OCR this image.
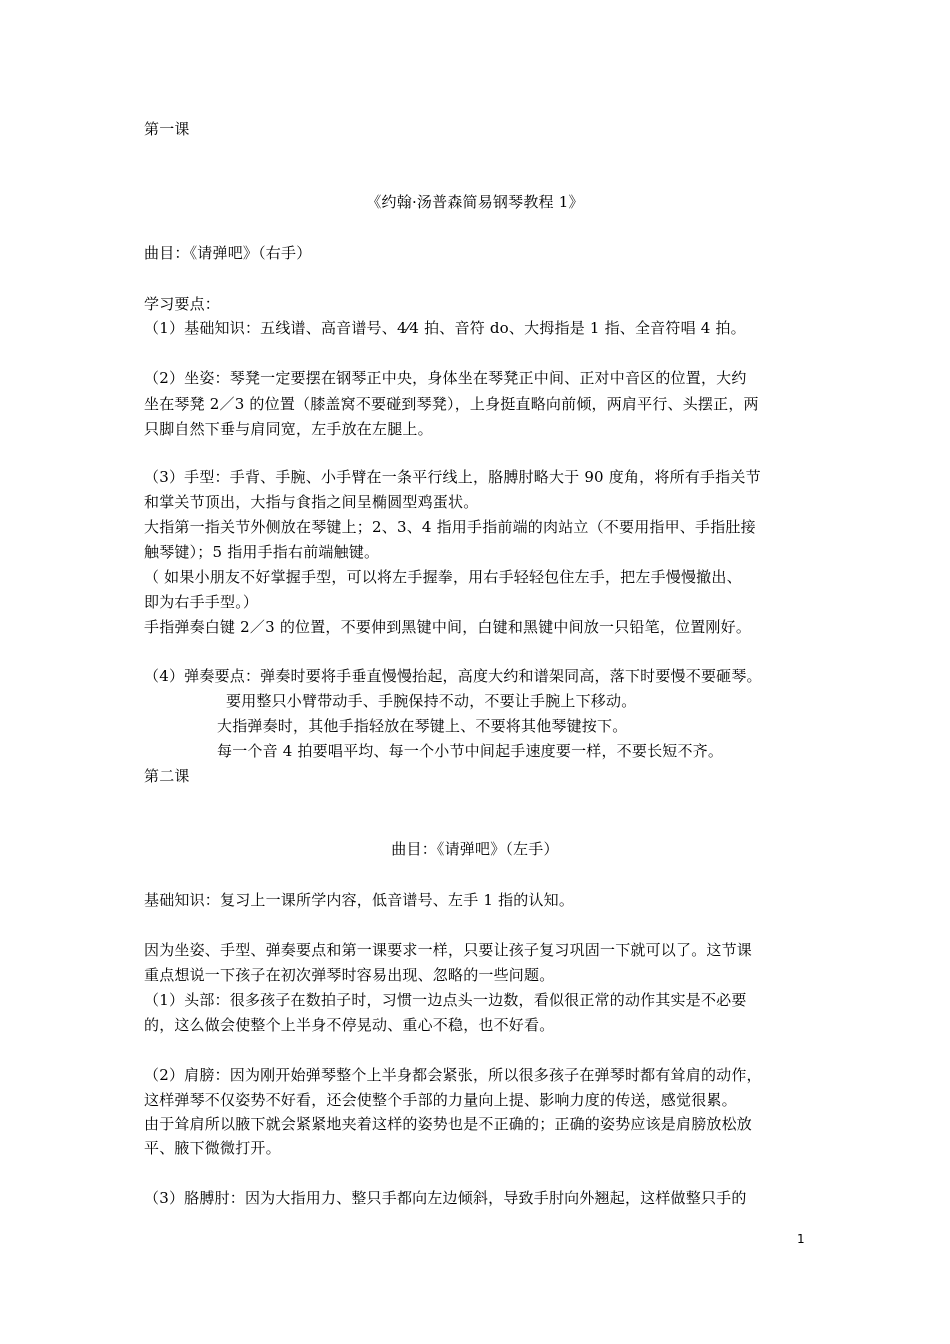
第一课
《约翰·汤普森简易钢琴教程 1》
曲目：《请弹吧》（右手）
学习要点：
（1）基础知识：五线谱、高音谱号、4⁄4 拍、音符 do、大拇指是 1 指、全音符唱 4 拍。
（2）坐姿：琴凳一定要摆在钢琴正中央，身体坐在琴凳正中间、正对中音区的位置，大约
坐在琴凳 2／3 的位置（膝盖窝不要碰到琴凳），上身挺直略向前倾，两肩平行、头摆正，两
只脚自然下垂与肩同宽，左手放在左腿上。
（3）手型：手背、手腕、小手臂在一条平行线上，胳膊肘略大于 90 度角，将所有手指关节
和掌关节顶出，大指与食指之间呈椭圆型鸡蛋状。
大指第一指关节外侧放在琴键上；2、3、4 指用手指前端的肉站立（不要用指甲、手指肚接
触琴键）；5 指用手指右前端触键。
（ 如果小朋友不好掌握手型，可以将左手握拳，用右手轻轻包住左手，把左手慢慢撤出、
即为右手手型。）
手指弹奏白键 2／3 的位置，不要伸到黑键中间，白键和黑键中间放一只铅笔，位置刚好。
（4）弹奏要点：弹奏时要将手垂直慢慢抬起，高度大约和谱架同高，落下时要慢不要砸琴。
要用整只小臂带动手、手腕保持不动，不要让手腕上下移动。
大指弹奏时，其他手指轻放在琴键上、不要将其他琴键按下。
每一个音 4 拍要唱平均、每一个小节中间起手速度要一样，不要长短不齐。
第二课
曲目：《请弹吧》（左手）
基础知识：复习上一课所学内容，低音谱号、左手 1 指的认知。
因为坐姿、手型、弹奏要点和第一课要求一样，只要让孩子复习巩固一下就可以了。这节课
重点想说一下孩子在初次弹琴时容易出现、忽略的一些问题。
（1）头部：很多孩子在数拍子时，习惯一边点头一边数，看似很正常的动作其实是不必要
的，这么做会使整个上半身不停晃动、重心不稳，也不好看。
（2）肩膀：因为刚开始弹琴整个上半身都会紧张，所以很多孩子在弹琴时都有耸肩的动作，
这样弹琴不仅姿势不好看，还会使整个手部的力量向上提、影响力度的传送，感觉很累。
由于耸肩所以腋下就会紧紧地夹着这样的姿势也是不正确的；正确的姿势应该是肩膀放松放
平、腋下微微打开。
（3）胳膊肘：因为大指用力、整只手都向左边倾斜，导致手肘向外翘起，这样做整只手的
1
